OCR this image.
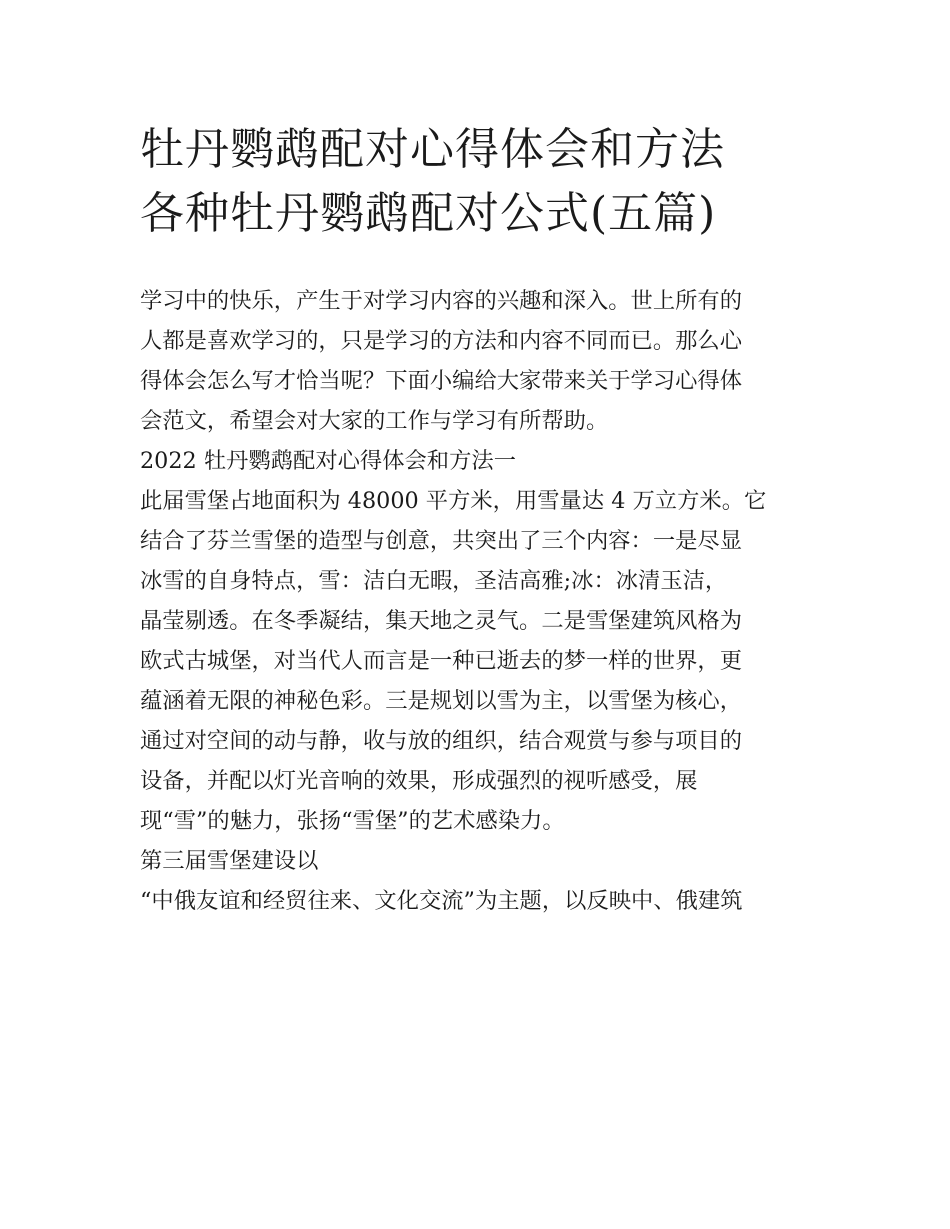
牡丹鹦鹉配对心得体会和方法
各种牡丹鹦鹉配对公式(五篇)
学习中的快乐，产生于对学习内容的兴趣和深入。世上所有的
人都是喜欢学习的，只是学习的方法和内容不同而已。那么心
得体会怎么写才恰当呢？下面小编给大家带来关于学习心得体
会范文，希望会对大家的工作与学习有所帮助。
2022 牡丹鹦鹉配对心得体会和方法一
此届雪堡占地面积为 48000 平方米，用雪量达 4 万立方米。它
结合了芬兰雪堡的造型与创意，共突出了三个内容：一是尽显
冰雪的自身特点，雪：洁白无暇，圣洁高雅;冰：冰清玉洁，
晶莹剔透。在冬季凝结，集天地之灵气。二是雪堡建筑风格为
欧式古城堡，对当代人而言是一种已逝去的梦一样的世界，更
蕴涵着无限的神秘色彩。三是规划以雪为主，以雪堡为核心，
通过对空间的动与静，收与放的组织，结合观赏与参与项目的
设备，并配以灯光音响的效果，形成强烈的视听感受，展
现“雪”的魅力，张扬“雪堡”的艺术感染力。
第三届雪堡建设以
“中俄友谊和经贸往来、文化交流”为主题，以反映中、俄建筑
